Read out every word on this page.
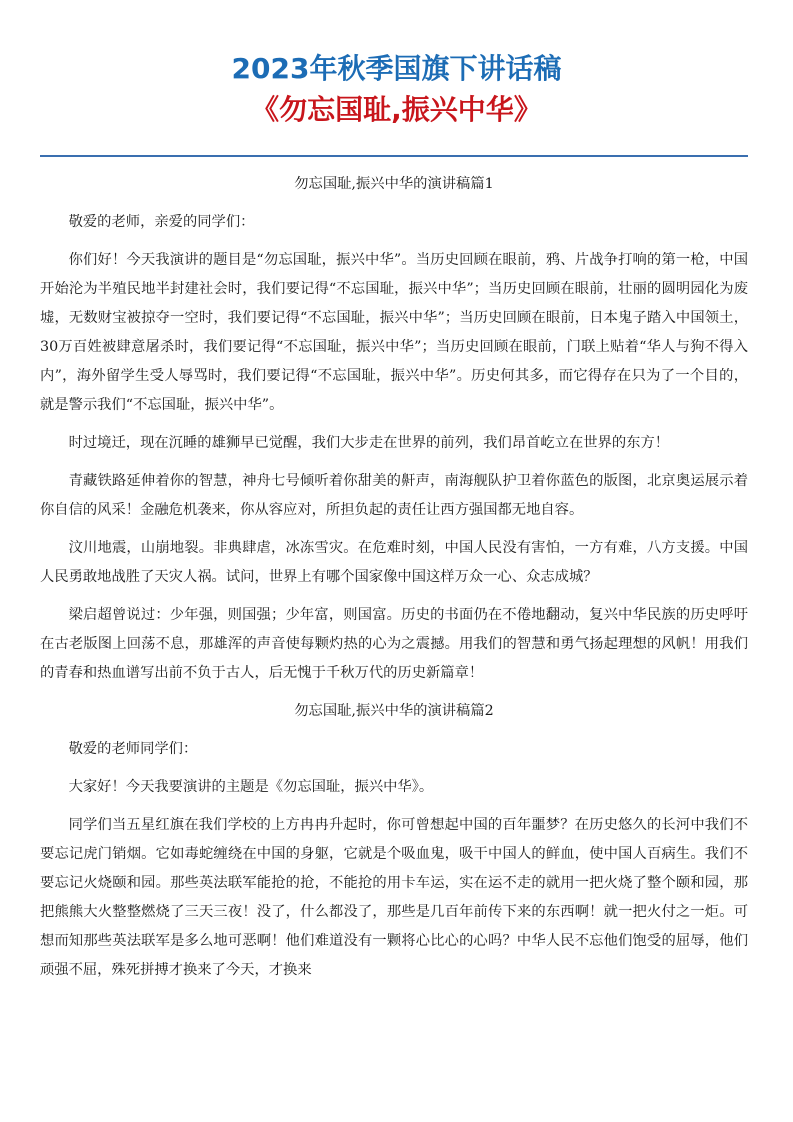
2023年秋季国旗下讲话稿
《勿忘国耻,振兴中华》

勿忘国耻,振兴中华的演讲稿篇1

敬爱的老师，亲爱的同学们：

你们好！今天我演讲的题目是“勿忘国耻，振兴中华”。当历史回顾在眼前，鸦、片战争打响的第一枪，中国开始沦为半殖民地半封建社会时，我们要记得“不忘国耻，振兴中华”；当历史回顾在眼前，壮丽的圆明园化为废墟，无数财宝被掠夺一空时，我们要记得“不忘国耻，振兴中华”；当历史回顾在眼前，日本鬼子踏入中国领土，30万百姓被肆意屠杀时，我们要记得“不忘国耻，振兴中华”；当历史回顾在眼前，门联上贴着“华人与狗不得入内”，海外留学生受人辱骂时，我们要记得“不忘国耻，振兴中华”。历史何其多，而它得存在只为了一个目的，就是警示我们“不忘国耻，振兴中华”。

时过境迁，现在沉睡的雄狮早已觉醒，我们大步走在世界的前列，我们昂首屹立在世界的东方！

青藏铁路延伸着你的智慧，神舟七号倾听着你甜美的鼾声，南海舰队护卫着你蓝色的版图，北京奥运展示着你自信的风采！金融危机袭来，你从容应对，所担负起的责任让西方强国都无地自容。

汶川地震，山崩地裂。非典肆虐，冰冻雪灾。在危难时刻，中国人民没有害怕，一方有难，八方支援。中国人民勇敢地战胜了天灾人祸。试问，世界上有哪个国家像中国这样万众一心、众志成城？

梁启超曾说过：少年强，则国强；少年富，则国富。历史的书面仍在不倦地翻动，复兴中华民族的历史呼吁在古老版图上回荡不息，那雄浑的声音使每颗灼热的心为之震撼。用我们的智慧和勇气扬起理想的风帆！用我们的青春和热血谱写出前不负于古人，后无愧于千秋万代的历史新篇章！

勿忘国耻,振兴中华的演讲稿篇2

敬爱的老师同学们：

大家好！今天我要演讲的主题是《勿忘国耻，振兴中华》。

同学们当五星红旗在我们学校的上方冉冉升起时，你可曾想起中国的百年噩梦？在历史悠久的长河中我们不要忘记虎门销烟。它如毒蛇缠绕在中国的身躯，它就是个吸血鬼，吸干中国人的鲜血，使中国人百病生。我们不要忘记火烧颐和园。那些英法联军能抢的抢，不能抢的用卡车运，实在运不走的就用一把火烧了整个颐和园，那把熊熊大火整整燃烧了三天三夜！没了，什么都没了，那些是几百年前传下来的东西啊！就一把火付之一炬。可想而知那些英法联军是多么地可恶啊！他们难道没有一颗将心比心的心吗？中华人民不忘他们饱受的屈辱，他们顽强不屈，殊死拼搏才换来了今天，才换来
